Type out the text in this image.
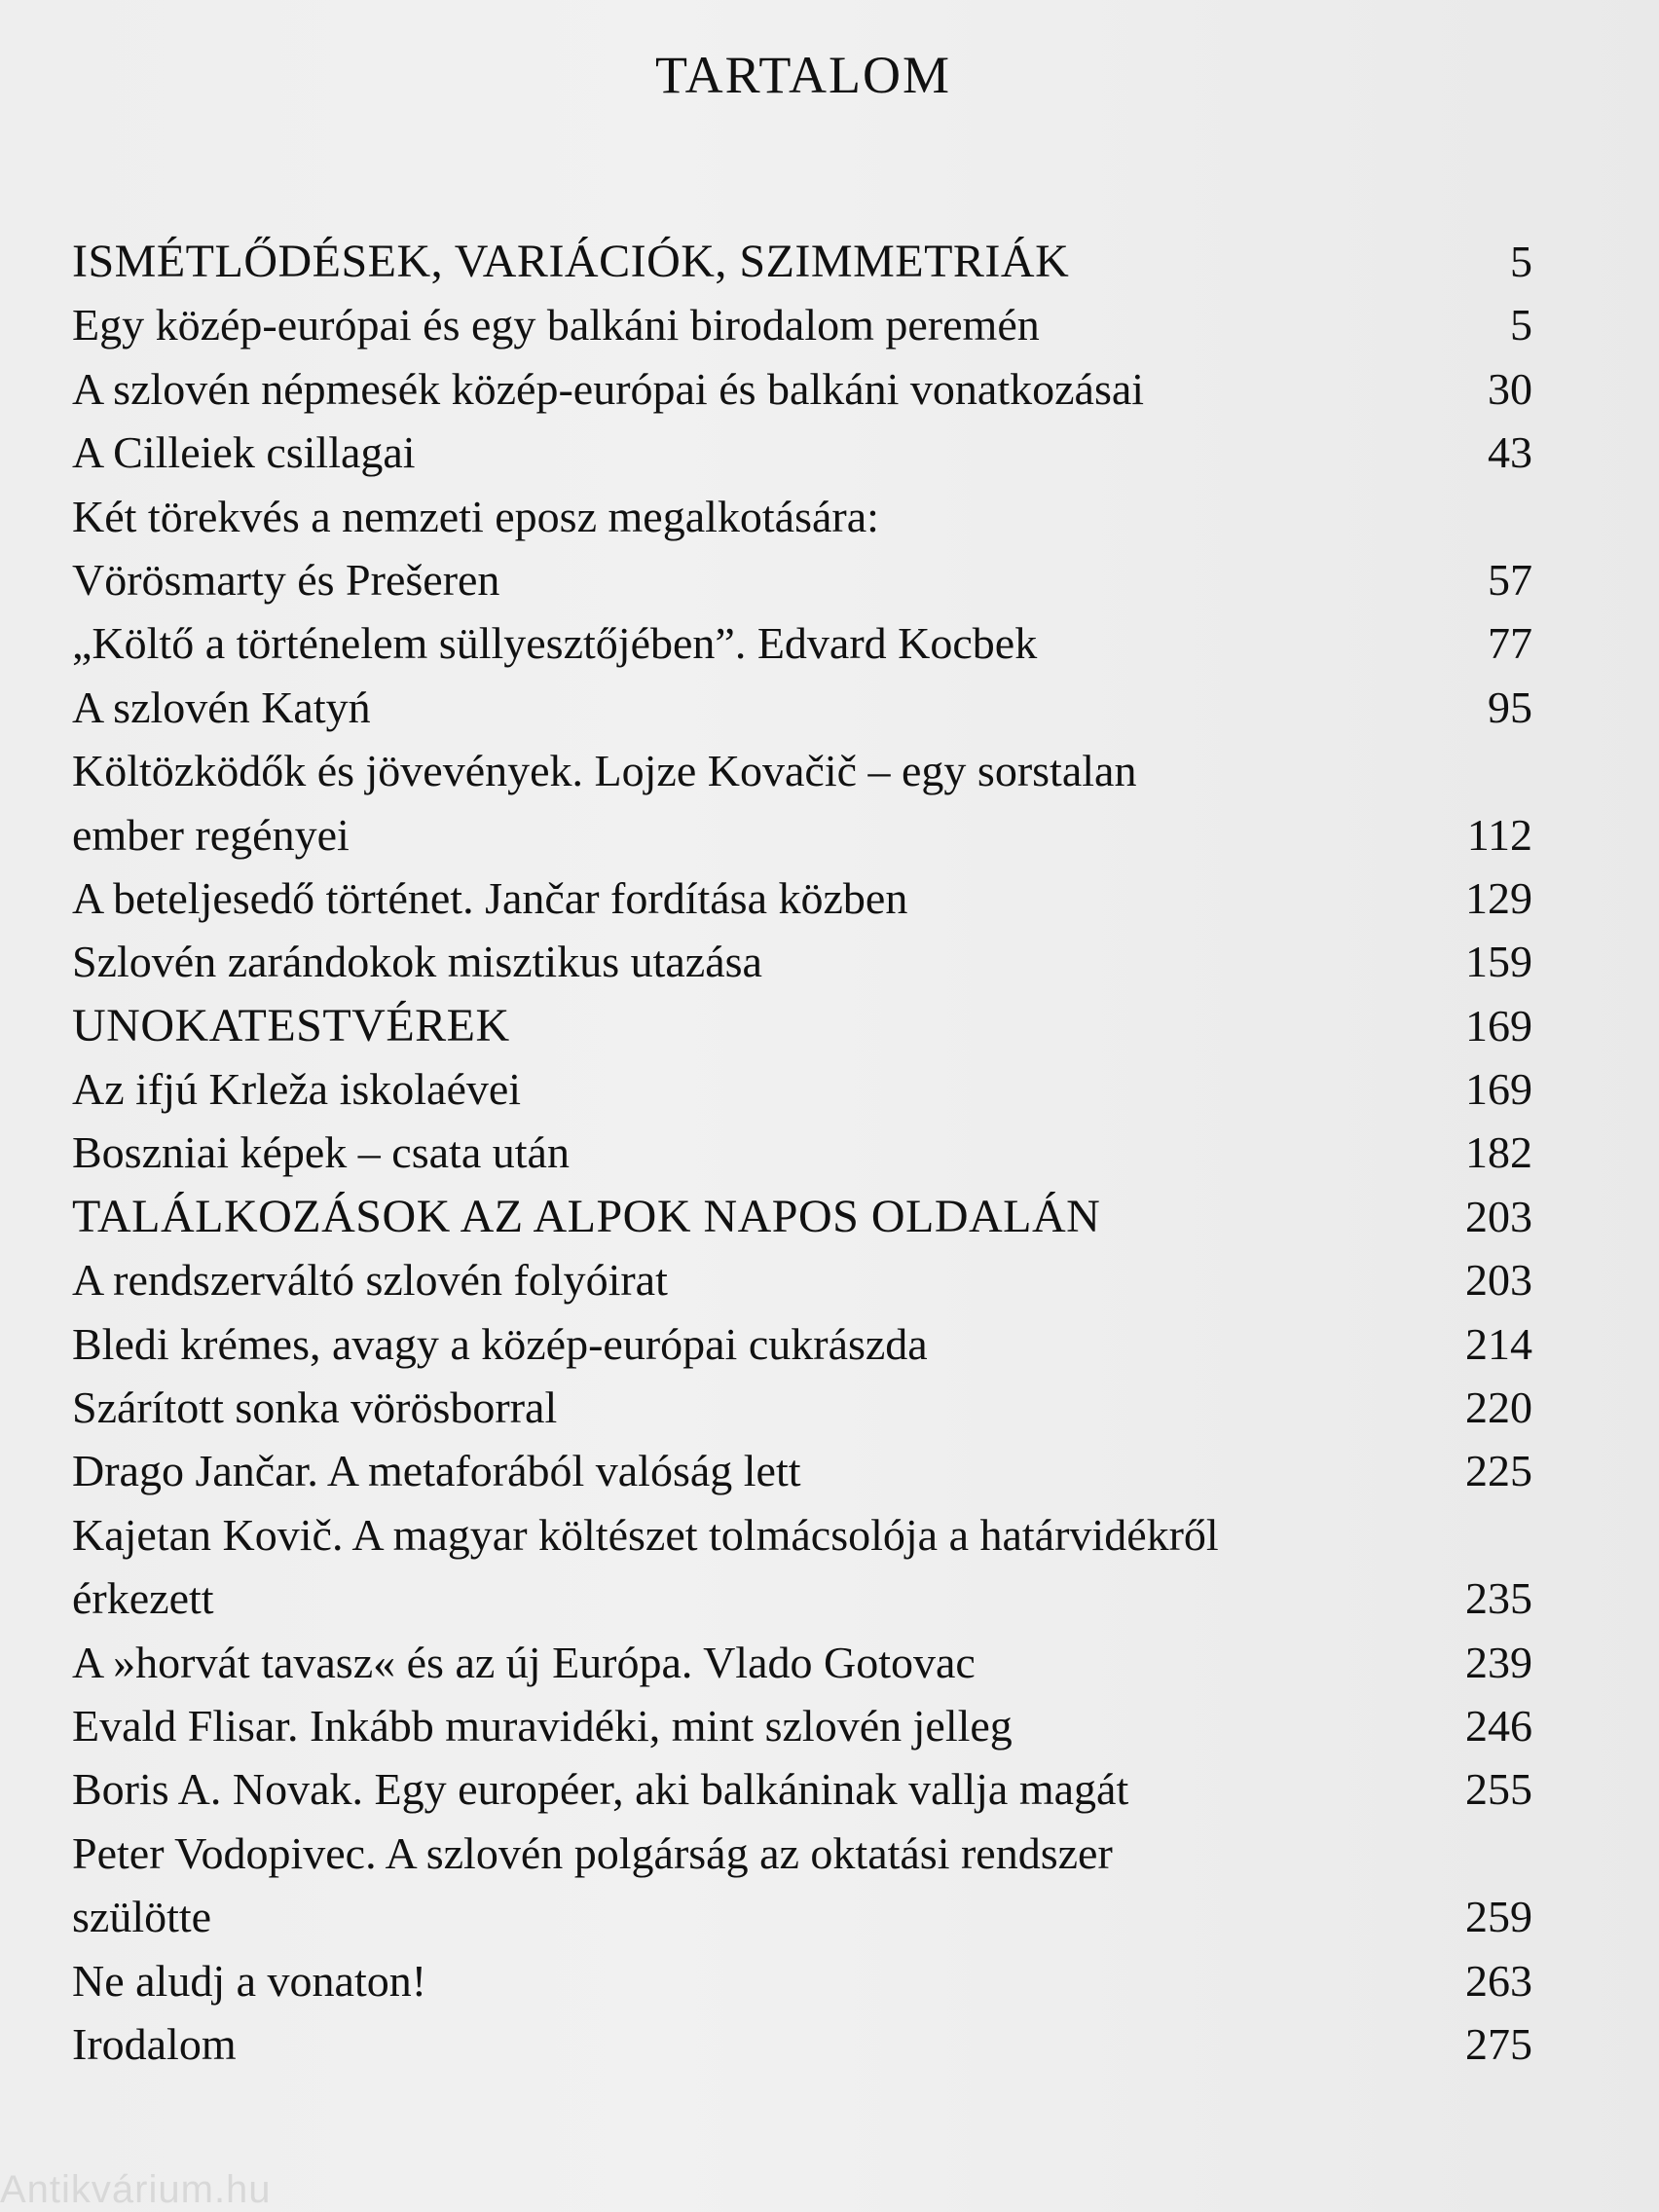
TARTALOM
ISMÉTLŐDÉSEK, VARIÁCIÓK, SZIMMETRIÁK	5
Egy közép-európai és egy balkáni birodalom peremén	5
A szlovén népmesék közép-európai és balkáni vonatkozásai	30
A Cilleiek csillagai	43
Két törekvés a nemzeti eposz megalkotására:
Vörösmarty és Prešeren	57
„Költő a történelem süllyesztőjében”. Edvard Kocbek	77
A szlovén Katyń	95
Költözködők és jövevények. Lojze Kovačič – egy sorstalan
ember regényei	112
A beteljesedő történet. Jančar fordítása közben	129
Szlovén zarándokok misztikus utazása	159
UNOKATESTVÉREK	169
Az ifjú Krleža iskolaévei	169
Boszniai képek – csata után	182
TALÁLKOZÁSOK AZ ALPOK NAPOS OLDALÁN	203
A rendszerváltó szlovén folyóirat	203
Bledi krémes, avagy a közép-európai cukrászda	214
Szárított sonka vörösborral	220
Drago Jančar. A metaforából valóság lett	225
Kajetan Kovič. A magyar költészet tolmácsolója a határvidékről
érkezett	235
A »horvát tavasz« és az új Európa. Vlado Gotovac	239
Evald Flisar. Inkább muravidéki, mint szlovén jelleg	246
Boris A. Novak. Egy européer, aki balkáninak vallja magát	255
Peter Vodopivec. A szlovén polgárság az oktatási rendszer
szülötte	259
Ne aludj a vonaton!	263
Irodalom	275
Antikvárium.hu
